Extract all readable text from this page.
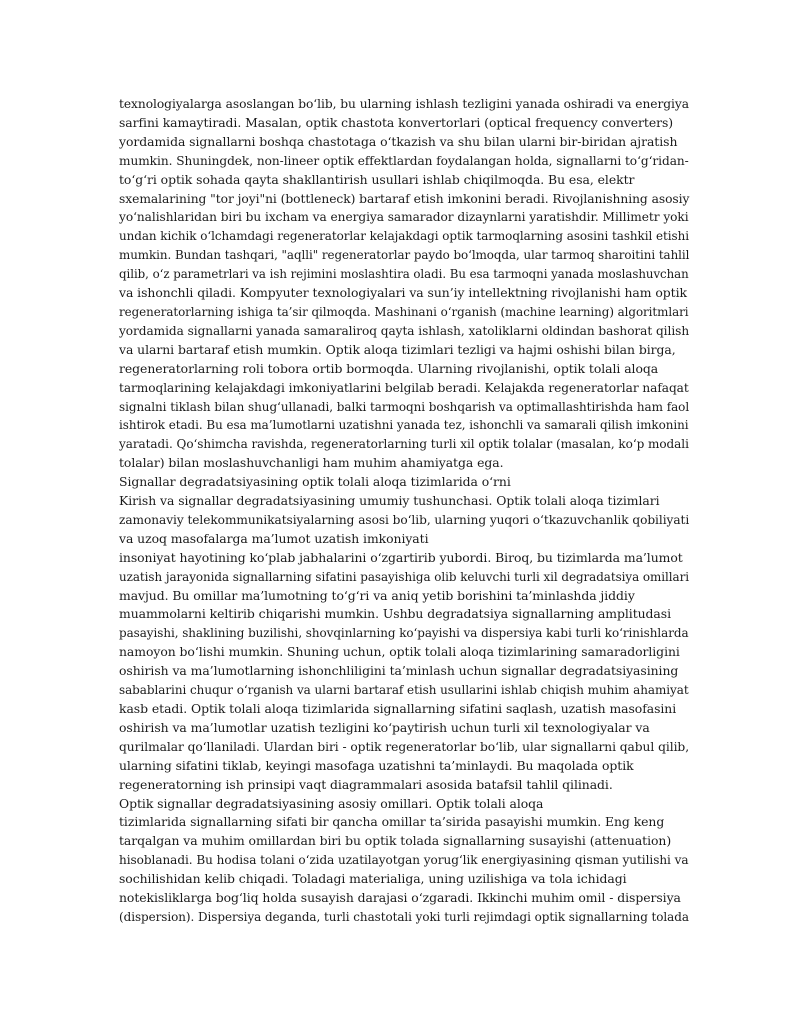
texnologiyalarga asoslangan bo‘lib, bu ularning ishlash tezligini yanada oshiradi va energiya

sarfini kamaytiradi. Masalan, optik chastota konvertorlari (optical frequency converters)

yordamida signallarni boshqa chastotaga o‘tkazish va shu bilan ularni bir-biridan ajratish

mumkin. Shuningdek, non-lineer optik effektlardan foydalangan holda, signallarni to‘g‘ridan-

to‘g‘ri optik sohada qayta shakllantirish usullari ishlab chiqilmoqda. Bu esa, elektr

sxemalarining "tor joyi"ni (bottleneck) bartaraf etish imkonini beradi. Rivojlanishning asosiy

yo‘nalishlaridan biri bu ixcham va energiya samarador dizaynlarni yaratishdir. Millimetr yoki

undan kichik o‘lchamdagi regeneratorlar kelajakdagi optik tarmoqlarning asosini tashkil etishi

mumkin. Bundan tashqari, "aqlli" regeneratorlar paydo bo‘lmoqda, ular tarmoq sharoitini tahlil

qilib, o‘z parametrlari va ish rejimini moslashtira oladi. Bu esa tarmoqni yanada moslashuvchan

va ishonchli qiladi. Kompyuter texnologiyalari va sun’iy intellektning rivojlanishi ham optik

regeneratorlarning ishiga ta’sir qilmoqda. Mashinani o‘rganish (machine learning) algoritmlari

yordamida signallarni yanada samaraliroq qayta ishlash, xatoliklarni oldindan bashorat qilish

va ularni bartaraf etish mumkin. Optik aloqa tizimlari tezligi va hajmi oshishi bilan birga,

regeneratorlarning roli tobora ortib bormoqda. Ularning rivojlanishi, optik tolali aloqa

tarmoqlarining kelajakdagi imkoniyatlarini belgilab beradi. Kelajakda regeneratorlar nafaqat

signalni tiklash bilan shug‘ullanadi, balki tarmoqni boshqarish va optimallashtirishda ham faol

ishtirok etadi. Bu esa ma’lumotlarni uzatishni yanada tez, ishonchli va samarali qilish imkonini

yaratadi. Qo‘shimcha ravishda, regeneratorlarning turli xil optik tolalar (masalan, ko‘p modali

tolalar) bilan moslashuvchanligi ham muhim ahamiyatga ega.

Signallar degradatsiyasining optik tolali aloqa tizimlarida o‘rni

Kirish va signallar degradatsiyasining umumiy tushunchasi. Optik tolali aloqa tizimlari

zamonaviy telekommunikatsiyalarning asosi bo‘lib, ularning yuqori o‘tkazuvchanlik qobiliyati

va uzoq masofalarga ma’lumot uzatish imkoniyati

insoniyat hayotining ko‘plab jabhalarini o‘zgartirib yubordi. Biroq, bu tizimlarda ma’lumot

uzatish jarayonida signallarning sifatini pasayishiga olib keluvchi turli xil degradatsiya omillari

mavjud. Bu omillar ma’lumotning to‘g‘ri va aniq yetib borishini ta’minlashda jiddiy

muammolarni keltirib chiqarishi mumkin. Ushbu degradatsiya signallarning amplitudasi

pasayishi, shaklining buzilishi, shovqinlarning ko‘payishi va dispersiya kabi turli ko‘rinishlarda

namoyon bo‘lishi mumkin. Shuning uchun, optik tolali aloqa tizimlarining samaradorligini

oshirish va ma’lumotlarning ishonchliligini ta’minlash uchun signallar degradatsiyasining

sabablarini chuqur o‘rganish va ularni bartaraf etish usullarini ishlab chiqish muhim ahamiyat

kasb etadi. Optik tolali aloqa tizimlarida signallarning sifatini saqlash, uzatish masofasini

oshirish va ma’lumotlar uzatish tezligini ko‘paytirish uchun turli xil texnologiyalar va

qurilmalar qo‘llaniladi. Ulardan biri - optik regeneratorlar bo‘lib, ular signallarni qabul qilib,

ularning sifatini tiklab, keyingi masofaga uzatishni ta’minlaydi. Bu maqolada optik

regeneratorning ish prinsipi vaqt diagrammalari asosida batafsil tahlil qilinadi.

Optik signallar degradatsiyasining asosiy omillari. Optik tolali aloqa

tizimlarida signallarning sifati bir qancha omillar ta’sirida pasayishi mumkin. Eng keng

tarqalgan va muhim omillardan biri bu optik tolada signallarning susayishi (attenuation)

hisoblanadi. Bu hodisa tolani o‘zida uzatilayotgan yorug‘lik energiyasining qisman yutilishi va

sochilishidan kelib chiqadi. Toladagi materialiga, uning uzilishiga va tola ichidagi

notekisliklarga bog‘liq holda susayish darajasi o‘zgaradi. Ikkinchi muhim omil - dispersiya

(dispersion). Dispersiya deganda, turli chastotali yoki turli rejimdagi optik signallarning tolada
